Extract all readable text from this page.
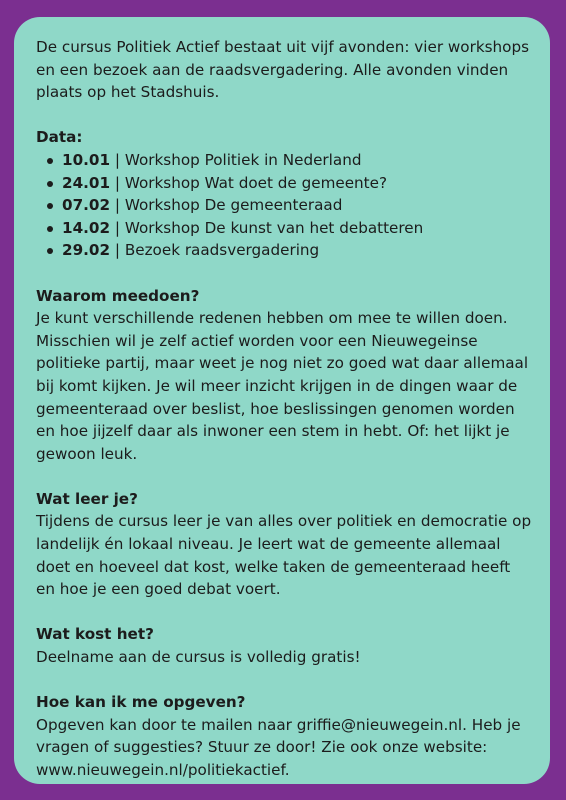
De cursus Politiek Actief bestaat uit vijf avonden: vier workshops en een bezoek aan de raadsvergadering. Alle avonden vinden plaats op het Stadshuis.

Data:

10.01 | Workshop Politiek in Nederland
24.01 | Workshop Wat doet de gemeente?
07.02 | Workshop De gemeenteraad
14.02 | Workshop De kunst van het debatteren
29.02 | Bezoek raadsvergadering

Waarom meedoen?

Je kunt verschillende redenen hebben om mee te willen doen. Misschien wil je zelf actief worden voor een Nieuwegeinse politieke partij, maar weet je nog niet zo goed wat daar allemaal bij komt kijken. Je wil meer inzicht krijgen in de dingen waar de gemeenteraad over beslist, hoe beslissingen genomen worden en hoe jijzelf daar als inwoner een stem in hebt. Of: het lijkt je gewoon leuk.

Wat leer je?

Tijdens de cursus leer je van alles over politiek en democratie op landelijk én lokaal niveau. Je leert wat de gemeente allemaal doet en hoeveel dat kost, welke taken de gemeenteraad heeft en hoe je een goed debat voert.

Wat kost het?

Deelname aan de cursus is volledig gratis!

Hoe kan ik me opgeven?

Opgeven kan door te mailen naar griffie@nieuwegein.nl. Heb je vragen of suggesties? Stuur ze door! Zie ook onze website: www.nieuwegein.nl/politiekactief.
